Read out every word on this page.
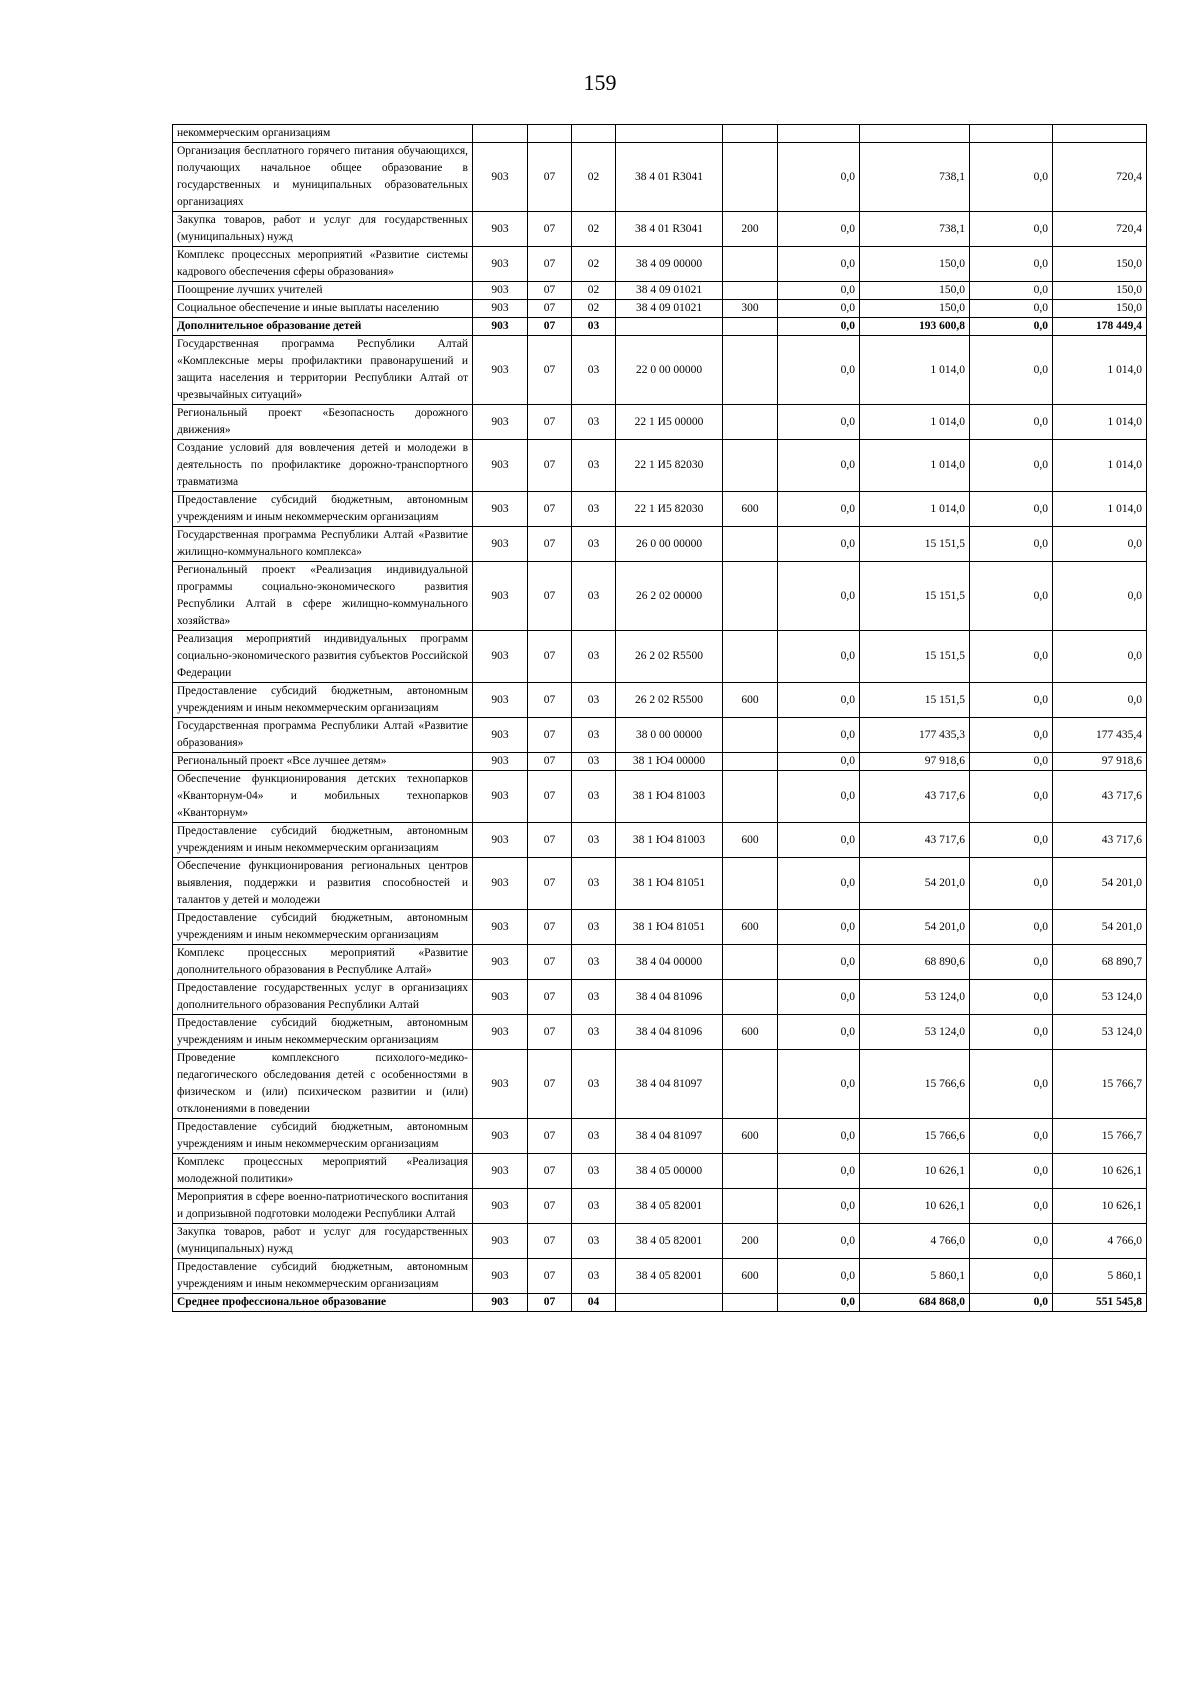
159
некоммерческим организациям									
Организация бесплатного горячего питания обучающихся, получающих начальное общее образование в государственных и муниципальных образовательных организациях	903	07	02	38 4 01 R3041		0,0	738,1	0,0	720,4
Закупка товаров, работ и услуг для государственных (муниципальных) нужд	903	07	02	38 4 01 R3041	200	0,0	738,1	0,0	720,4
Комплекс процессных мероприятий «Развитие системы кадрового обеспечения сферы образования»	903	07	02	38 4 09 00000		0,0	150,0	0,0	150,0
Поощрение лучших учителей	903	07	02	38 4 09 01021		0,0	150,0	0,0	150,0
Социальное обеспечение и иные выплаты населению	903	07	02	38 4 09 01021	300	0,0	150,0	0,0	150,0
Дополнительное образование детей	903	07	03			0,0	193 600,8	0,0	178 449,4
Государственная программа Республики Алтай «Комплексные меры профилактики правонарушений и защита населения и территории Республики Алтай от чрезвычайных ситуаций»	903	07	03	22 0 00 00000		0,0	1 014,0	0,0	1 014,0
Региональный проект «Безопасность дорожного движения»	903	07	03	22 1 И5 00000		0,0	1 014,0	0,0	1 014,0
Создание условий для вовлечения детей и молодежи в деятельность по профилактике дорожно-транспортного травматизма	903	07	03	22 1 И5 82030		0,0	1 014,0	0,0	1 014,0
Предоставление субсидий бюджетным, автономным учреждениям и иным некоммерческим организациям	903	07	03	22 1 И5 82030	600	0,0	1 014,0	0,0	1 014,0
Государственная программа Республики Алтай «Развитие жилищно-коммунального комплекса»	903	07	03	26 0 00 00000		0,0	15 151,5	0,0	0,0
Региональный проект «Реализация индивидуальной программы социально-экономического развития Республики Алтай в сфере жилищно-коммунального хозяйства»	903	07	03	26 2 02 00000		0,0	15 151,5	0,0	0,0
Реализация мероприятий индивидуальных программ социально-экономического развития субъектов Российской Федерации	903	07	03	26 2 02 R5500		0,0	15 151,5	0,0	0,0
Предоставление субсидий бюджетным, автономным учреждениям и иным некоммерческим организациям	903	07	03	26 2 02 R5500	600	0,0	15 151,5	0,0	0,0
Государственная программа Республики Алтай «Развитие образования»	903	07	03	38 0 00 00000		0,0	177 435,3	0,0	177 435,4
Региональный проект «Все лучшее детям»	903	07	03	38 1 Ю4 00000		0,0	97 918,6	0,0	97 918,6
Обеспечение функционирования детских технопарков «Кванторнум-04» и мобильных технопарков «Кванторнум»	903	07	03	38 1 Ю4 81003		0,0	43 717,6	0,0	43 717,6
Предоставление субсидий бюджетным, автономным учреждениям и иным некоммерческим организациям	903	07	03	38 1 Ю4 81003	600	0,0	43 717,6	0,0	43 717,6
Обеспечение функционирования региональных центров выявления, поддержки и развития способностей и талантов у детей и молодежи	903	07	03	38 1 Ю4 81051		0,0	54 201,0	0,0	54 201,0
Предоставление субсидий бюджетным, автономным учреждениям и иным некоммерческим организациям	903	07	03	38 1 Ю4 81051	600	0,0	54 201,0	0,0	54 201,0
Комплекс процессных мероприятий «Развитие дополнительного образования в Республике Алтай»	903	07	03	38 4 04 00000		0,0	68 890,6	0,0	68 890,7
Предоставление государственных услуг в организациях дополнительного образования Республики Алтай	903	07	03	38 4 04 81096		0,0	53 124,0	0,0	53 124,0
Предоставление субсидий бюджетным, автономным учреждениям и иным некоммерческим организациям	903	07	03	38 4 04 81096	600	0,0	53 124,0	0,0	53 124,0
Проведение комплексного психолого-медико-педагогического обследования детей с особенностями в физическом и (или) психическом развитии и (или) отклонениями в поведении	903	07	03	38 4 04 81097		0,0	15 766,6	0,0	15 766,7
Предоставление субсидий бюджетным, автономным учреждениям и иным некоммерческим организациям	903	07	03	38 4 04 81097	600	0,0	15 766,6	0,0	15 766,7
Комплекс процессных мероприятий «Реализация молодежной политики»	903	07	03	38 4 05 00000		0,0	10 626,1	0,0	10 626,1
Мероприятия в сфере военно-патриотического воспитания и допризывной подготовки молодежи Республики Алтай	903	07	03	38 4 05 82001		0,0	10 626,1	0,0	10 626,1
Закупка товаров, работ и услуг для государственных (муниципальных) нужд	903	07	03	38 4 05 82001	200	0,0	4 766,0	0,0	4 766,0
Предоставление субсидий бюджетным, автономным учреждениям и иным некоммерческим организациям	903	07	03	38 4 05 82001	600	0,0	5 860,1	0,0	5 860,1
Среднее профессиональное образование	903	07	04			0,0	684 868,0	0,0	551 545,8
